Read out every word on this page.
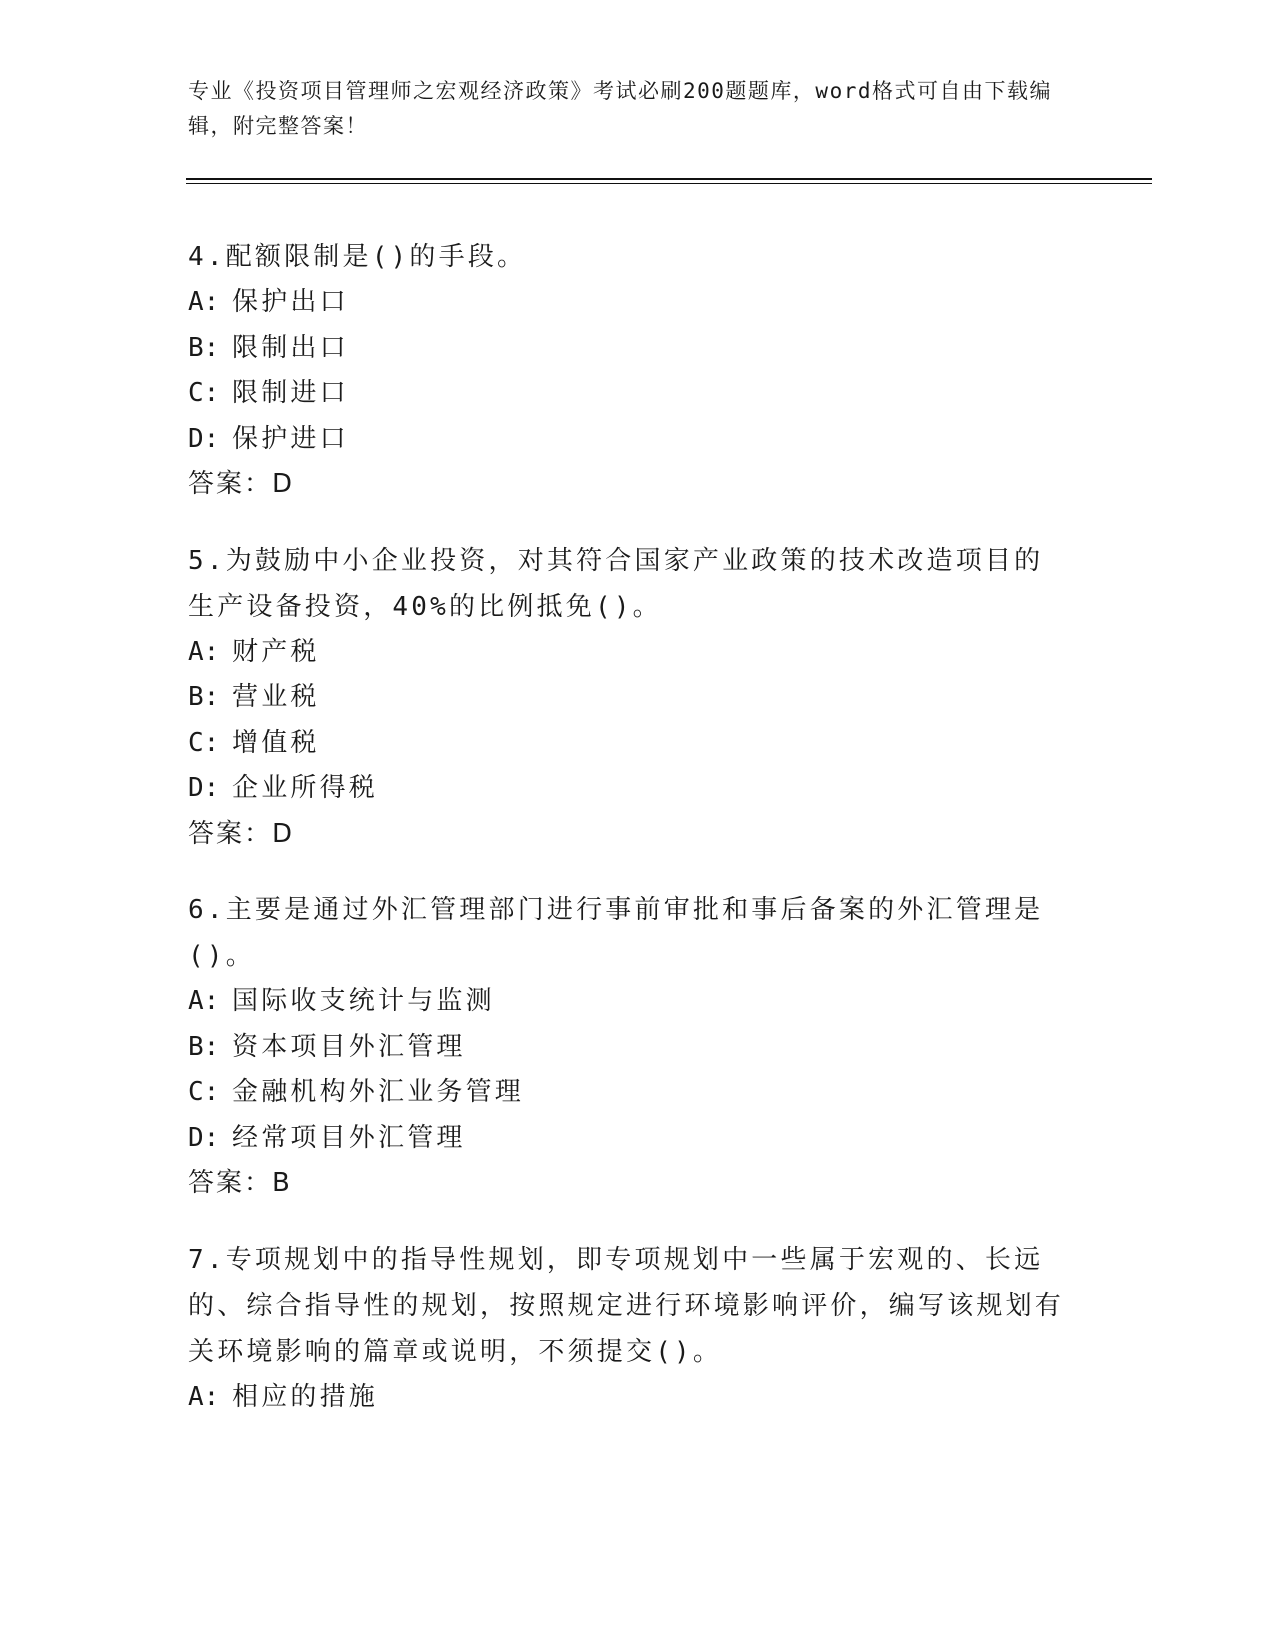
专业《投资项目管理师之宏观经济政策》考试必刷200题题库，word格式可自由下载编辑，附完整答案！
4.配额限制是()的手段。
A: 保护出口
B: 限制出口
C: 限制进口
D: 保护进口
答案：D
5.为鼓励中小企业投资，对其符合国家产业政策的技术改造项目的生产设备投资，40%的比例抵免()。
A: 财产税
B: 营业税
C: 增值税
D: 企业所得税
答案：D
6.主要是通过外汇管理部门进行事前审批和事后备案的外汇管理是()。
A: 国际收支统计与监测
B: 资本项目外汇管理
C: 金融机构外汇业务管理
D: 经常项目外汇管理
答案：B
7.专项规划中的指导性规划，即专项规划中一些属于宏观的、长远的、综合指导性的规划，按照规定进行环境影响评价，编写该规划有关环境影响的篇章或说明，不须提交()。
A: 相应的措施
